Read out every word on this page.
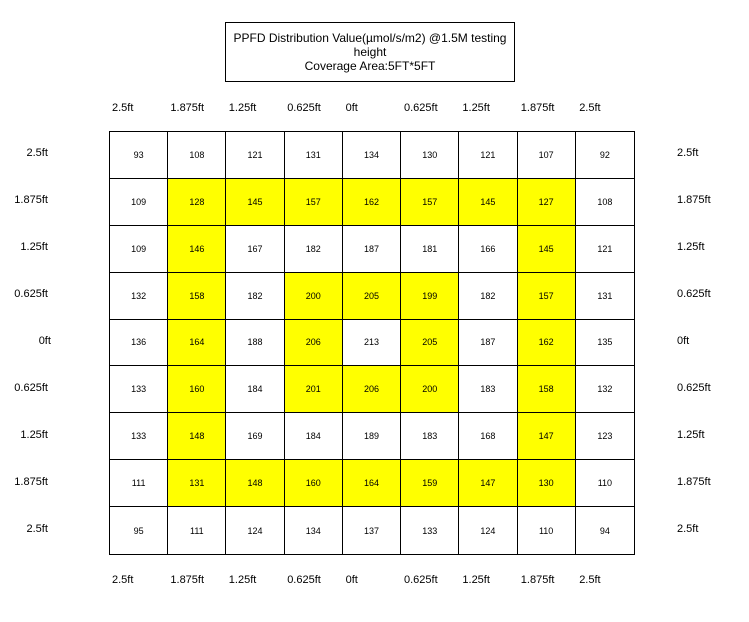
PPFD Distribution Value(µmol/s/m2) @1.5M testing
height
Coverage Area:5FT*5FT
93	108	121	131	134	130	121	107	92
109	128	145	157	162	157	145	127	108
109	146	167	182	187	181	166	145	121
132	158	182	200	205	199	182	157	131
136	164	188	206	213	205	187	162	135
133	160	184	201	206	200	183	158	132
133	148	169	184	189	183	168	147	123
111	131	148	160	164	159	147	130	110
95	111	124	134	137	133	124	110	94
2.5ft
2.5ft
1.875ft
1.875ft
1.25ft
1.25ft
0.625ft
0.625ft
0ft
0ft
0.625ft
0.625ft
1.25ft
1.25ft
1.875ft
1.875ft
2.5ft
2.5ft
2.5ft	2.5ft
1.875ft	1.875ft
1.25ft	1.25ft
0.625ft	0.625ft
0ft	0ft
0.625ft	0.625ft
1.25ft	1.25ft
1.875ft	1.875ft
2.5ft	2.5ft
